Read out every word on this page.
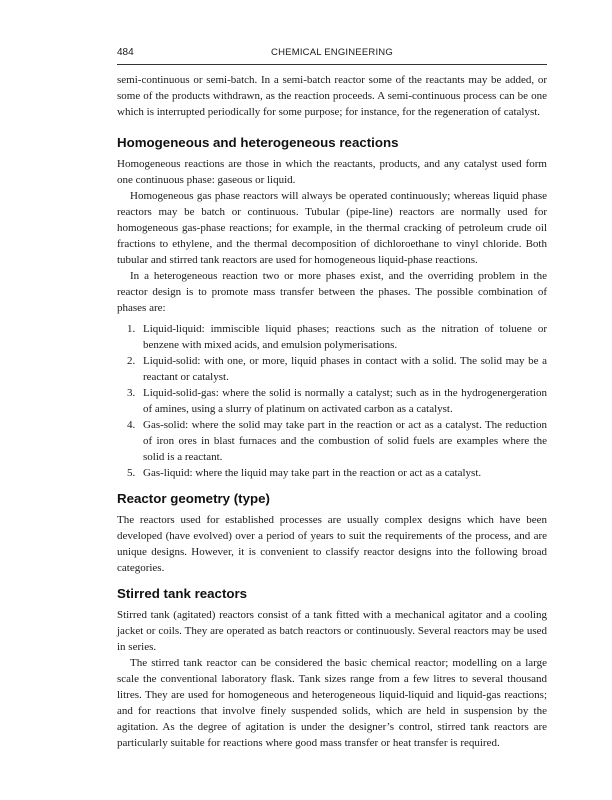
484	CHEMICAL ENGINEERING

semi-continuous or semi-batch. In a semi-batch reactor some of the reactants may be added, or some of the products withdrawn, as the reaction proceeds. A semi-continuous process can be one which is interrupted periodically for some purpose; for instance, for the regeneration of catalyst.

Homogeneous and heterogeneous reactions

Homogeneous reactions are those in which the reactants, products, and any catalyst used form one continuous phase: gaseous or liquid.

Homogeneous gas phase reactors will always be operated continuously; whereas liquid phase reactors may be batch or continuous. Tubular (pipe-line) reactors are normally used for homogeneous gas-phase reactions; for example, in the thermal cracking of petroleum crude oil fractions to ethylene, and the thermal decomposition of dichloroethane to vinyl chloride. Both tubular and stirred tank reactors are used for homogeneous liquid-phase reactions.

In a heterogeneous reaction two or more phases exist, and the overriding problem in the reactor design is to promote mass transfer between the phases. The possible combination of phases are:

1. Liquid-liquid: immiscible liquid phases; reactions such as the nitration of toluene or benzene with mixed acids, and emulsion polymerisations.
2. Liquid-solid: with one, or more, liquid phases in contact with a solid. The solid may be a reactant or catalyst.
3. Liquid-solid-gas: where the solid is normally a catalyst; such as in the hydrogenergeration of amines, using a slurry of platinum on activated carbon as a catalyst.
4. Gas-solid: where the solid may take part in the reaction or act as a catalyst. The reduction of iron ores in blast furnaces and the combustion of solid fuels are examples where the solid is a reactant.
5. Gas-liquid: where the liquid may take part in the reaction or act as a catalyst.
Reactor geometry (type)

The reactors used for established processes are usually complex designs which have been developed (have evolved) over a period of years to suit the requirements of the process, and are unique designs. However, it is convenient to classify reactor designs into the following broad categories.

Stirred tank reactors

Stirred tank (agitated) reactors consist of a tank fitted with a mechanical agitator and a cooling jacket or coils. They are operated as batch reactors or continuously. Several reactors may be used in series.

The stirred tank reactor can be considered the basic chemical reactor; modelling on a large scale the conventional laboratory flask. Tank sizes range from a few litres to several thousand litres. They are used for homogeneous and heterogeneous liquid-liquid and liquid-gas reactions; and for reactions that involve finely suspended solids, which are held in suspension by the agitation. As the degree of agitation is under the designer’s control, stirred tank reactors are particularly suitable for reactions where good mass transfer or heat transfer is required.
